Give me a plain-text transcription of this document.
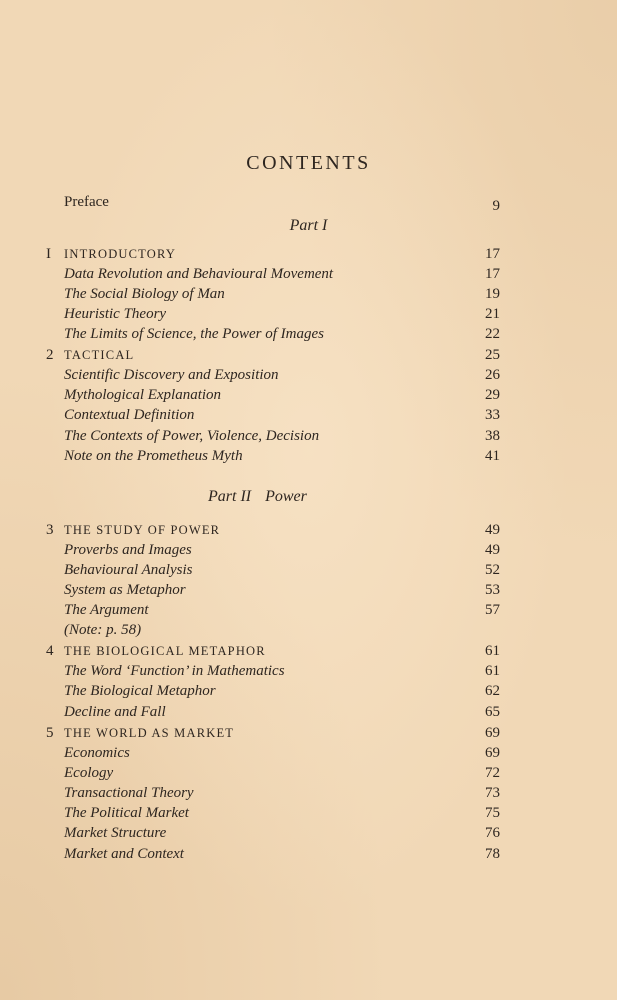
CONTENTS
Preface	9
Part I
I INTRODUCTORY	17
Data Revolution and Behavioural Movement	17
The Social Biology of Man	19
Heuristic Theory	21
The Limits of Science, the Power of Images	22
2 TACTICAL	25
Scientific Discovery and Exposition	26
Mythological Explanation	29
Contextual Definition	33
The Contexts of Power, Violence, Decision	38
Note on the Prometheus Myth	41
Part II Power
3 THE STUDY OF POWER	49
Proverbs and Images	49
Behavioural Analysis	52
System as Metaphor	53
The Argument	57
(Note: p. 58)
4 THE BIOLOGICAL METAPHOR	61
The Word ‘Function’ in Mathematics	61
The Biological Metaphor	62
Decline and Fall	65
5 THE WORLD AS MARKET	69
Economics	69
Ecology	72
Transactional Theory	73
The Political Market	75
Market Structure	76
Market and Context	78
